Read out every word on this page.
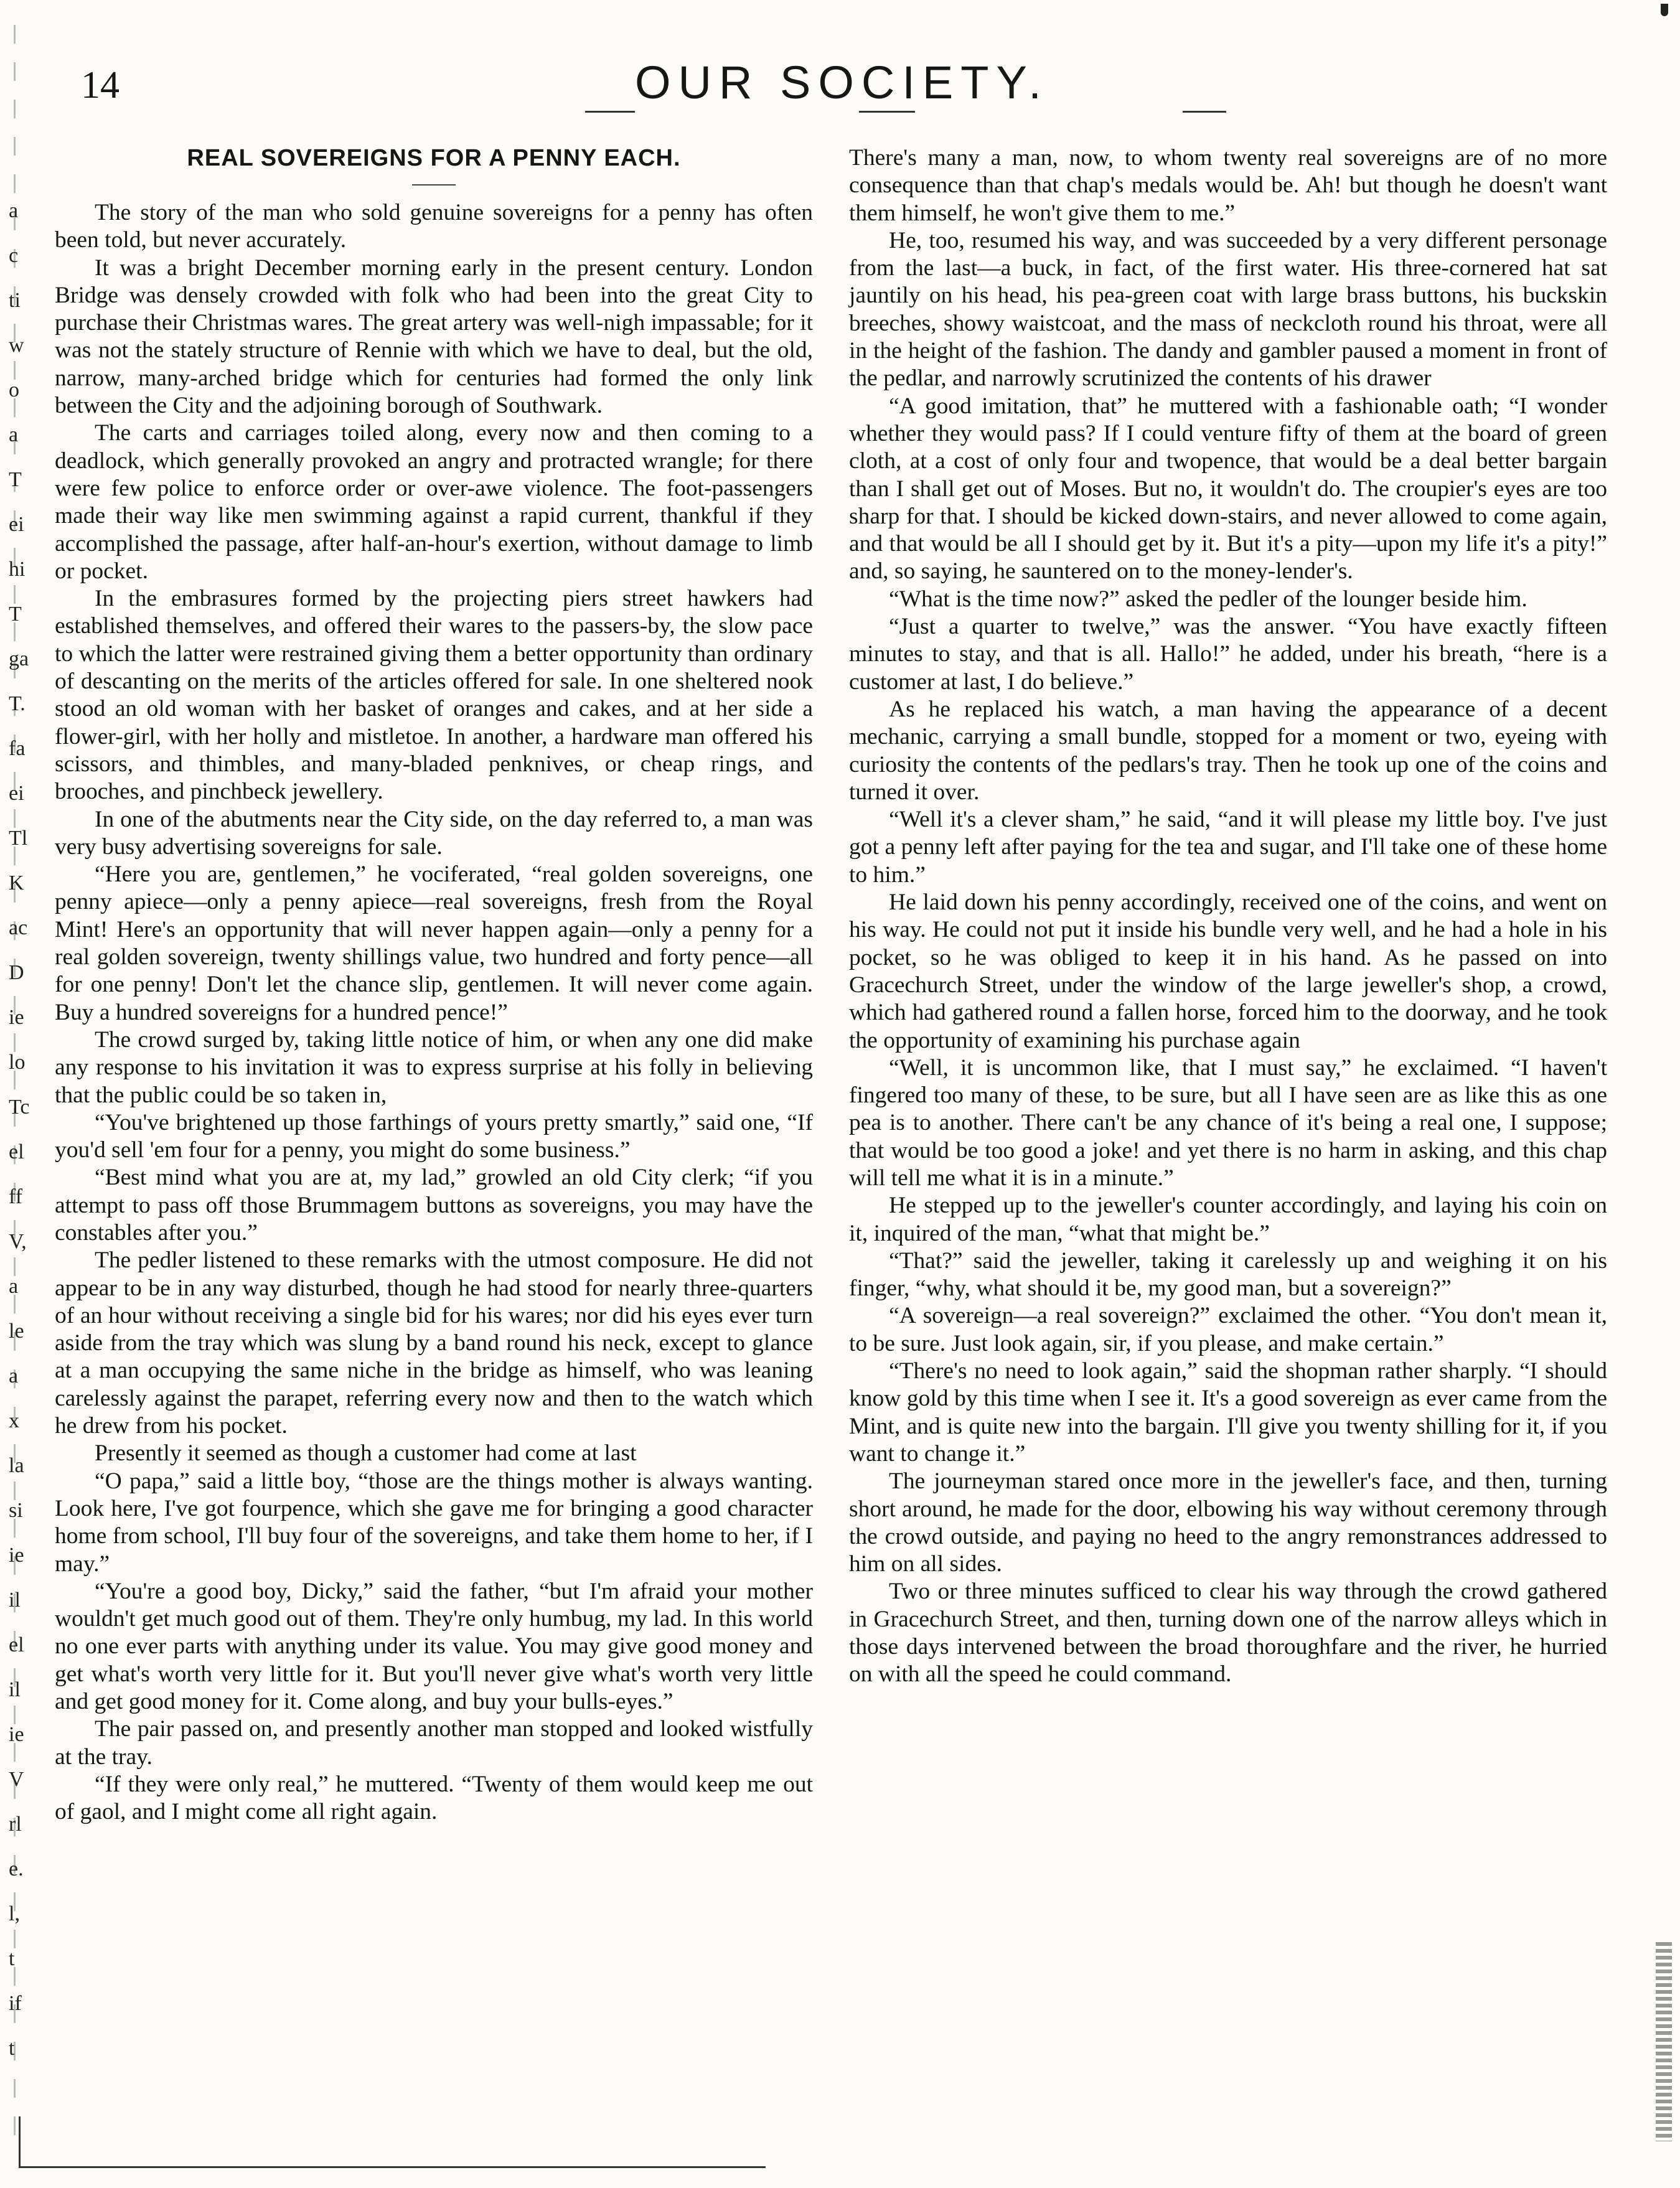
a
c
ti
w
o
a
T
ei
hi
T
ga
T.
fa
ei
Tl
K
ac
D
ie
lo
Tc
el
ff
V,
a
le
a
x
la
si
ie
il
el
il
ie
V
rl
e.
l,
t
if
t
14	OUR SOCIETY.
REAL SOVEREIGNS FOR A PENNY EACH.

The story of the man who sold genuine sovereigns for a penny has often been told, but never accurately.

It was a bright December morning early in the present century. London Bridge was densely crowded with folk who had been into the great City to purchase their Christmas wares. The great artery was well-nigh impassable; for it was not the stately structure of Rennie with which we have to deal, but the old, narrow, many-arched bridge which for centuries had formed the only link between the City and the adjoining borough of Southwark.

The carts and carriages toiled along, every now and then coming to a deadlock, which generally provoked an angry and protracted wrangle; for there were few police to enforce order or over-awe violence. The foot-passengers made their way like men swimming against a rapid current, thankful if they accomplished the passage, after half-an-hour's exertion, without damage to limb or pocket.

In the embrasures formed by the projecting piers street hawkers had established themselves, and offered their wares to the passers-by, the slow pace to which the latter were restrained giving them a better opportunity than ordinary of descanting on the merits of the articles offered for sale. In one sheltered nook stood an old woman with her basket of oranges and cakes, and at her side a flower-girl, with her holly and mistletoe. In another, a hardware man offered his scissors, and thimbles, and many-bladed penknives, or cheap rings, and brooches, and pinchbeck jewellery.

In one of the abutments near the City side, on the day referred to, a man was very busy advertising sovereigns for sale.

“Here you are, gentlemen,” he vociferated, “real golden sovereigns, one penny apiece—only a penny apiece—real sovereigns, fresh from the Royal Mint! Here's an opportunity that will never happen again—only a penny for a real golden sovereign, twenty shillings value, two hundred and forty pence—all for one penny! Don't let the chance slip, gentlemen. It will never come again. Buy a hundred sovereigns for a hundred pence!”

The crowd surged by, taking little notice of him, or when any one did make any response to his invitation it was to express surprise at his folly in believing that the public could be so taken in,

“You've brightened up those farthings of yours pretty smartly,” said one, “If you'd sell 'em four for a penny, you might do some business.”

“Best mind what you are at, my lad,” growled an old City clerk; “if you attempt to pass off those Brummagem buttons as sovereigns, you may have the constables after you.”

The pedler listened to these remarks with the utmost composure. He did not appear to be in any way disturbed, though he had stood for nearly three-quarters of an hour without receiving a single bid for his wares; nor did his eyes ever turn aside from the tray which was slung by a band round his neck, except to glance at a man occupying the same niche in the bridge as himself, who was leaning carelessly against the parapet, referring every now and then to the watch which he drew from his pocket.

Presently it seemed as though a customer had come at last

“O papa,” said a little boy, “those are the things mother is always wanting. Look here, I've got fourpence, which she gave me for bringing a good character home from school, I'll buy four of the sovereigns, and take them home to her, if I may.”

“You're a good boy, Dicky,” said the father, “but I'm afraid your mother wouldn't get much good out of them. They're only humbug, my lad. In this world no one ever parts with anything under its value. You may give good money and get what's worth very little for it. But you'll never give what's worth very little and get good money for it. Come along, and buy your bulls-eyes.”

The pair passed on, and presently another man stopped and looked wistfully at the tray.

“If they were only real,” he muttered. “Twenty of them would keep me out of gaol, and I might come all right again.

There's many a man, now, to whom twenty real sovereigns are of no more consequence than that chap's medals would be. Ah! but though he doesn't want them himself, he won't give them to me.”

He, too, resumed his way, and was succeeded by a very different personage from the last—a buck, in fact, of the first water. His three-cornered hat sat jauntily on his head, his pea-green coat with large brass buttons, his buckskin breeches, showy waistcoat, and the mass of neckcloth round his throat, were all in the height of the fashion. The dandy and gambler paused a moment in front of the pedlar, and narrowly scrutinized the contents of his drawer

“A good imitation, that” he muttered with a fashionable oath; “I wonder whether they would pass? If I could venture fifty of them at the board of green cloth, at a cost of only four and twopence, that would be a deal better bargain than I shall get out of Moses. But no, it wouldn't do. The croupier's eyes are too sharp for that. I should be kicked down-stairs, and never allowed to come again, and that would be all I should get by it. But it's a pity—upon my life it's a pity!” and, so saying, he sauntered on to the money-lender's.

“What is the time now?” asked the pedler of the lounger beside him.

“Just a quarter to twelve,” was the answer. “You have exactly fifteen minutes to stay, and that is all. Hallo!” he added, under his breath, “here is a customer at last, I do believe.”

As he replaced his watch, a man having the appearance of a decent mechanic, carrying a small bundle, stopped for a moment or two, eyeing with curiosity the contents of the pedlars's tray. Then he took up one of the coins and turned it over.

“Well it's a clever sham,” he said, “and it will please my little boy. I've just got a penny left after paying for the tea and sugar, and I'll take one of these home to him.”

He laid down his penny accordingly, received one of the coins, and went on his way. He could not put it inside his bundle very well, and he had a hole in his pocket, so he was obliged to keep it in his hand. As he passed on into Gracechurch Street, under the window of the large jeweller's shop, a crowd, which had gathered round a fallen horse, forced him to the doorway, and he took the opportunity of examining his purchase again

“Well, it is uncommon like, that I must say,” he exclaimed. “I haven't fingered too many of these, to be sure, but all I have seen are as like this as one pea is to another. There can't be any chance of it's being a real one, I suppose; that would be too good a joke! and yet there is no harm in asking, and this chap will tell me what it is in a minute.”

He stepped up to the jeweller's counter accordingly, and laying his coin on it, inquired of the man, “what that might be.”

“That?” said the jeweller, taking it carelessly up and weighing it on his finger, “why, what should it be, my good man, but a sovereign?”

“A sovereign—a real sovereign?” exclaimed the other. “You don't mean it, to be sure. Just look again, sir, if you please, and make certain.”

“There's no need to look again,” said the shopman rather sharply. “I should know gold by this time when I see it. It's a good sovereign as ever came from the Mint, and is quite new into the bargain. I'll give you twenty shilling for it, if you want to change it.”

The journeyman stared once more in the jeweller's face, and then, turning short around, he made for the door, elbowing his way without ceremony through the crowd outside, and paying no heed to the angry remonstrances addressed to him on all sides.

Two or three minutes sufficed to clear his way through the crowd gathered in Gracechurch Street, and then, turning down one of the narrow alleys which in those days intervened between the broad thoroughfare and the river, he hurried on with all the speed he could command.
